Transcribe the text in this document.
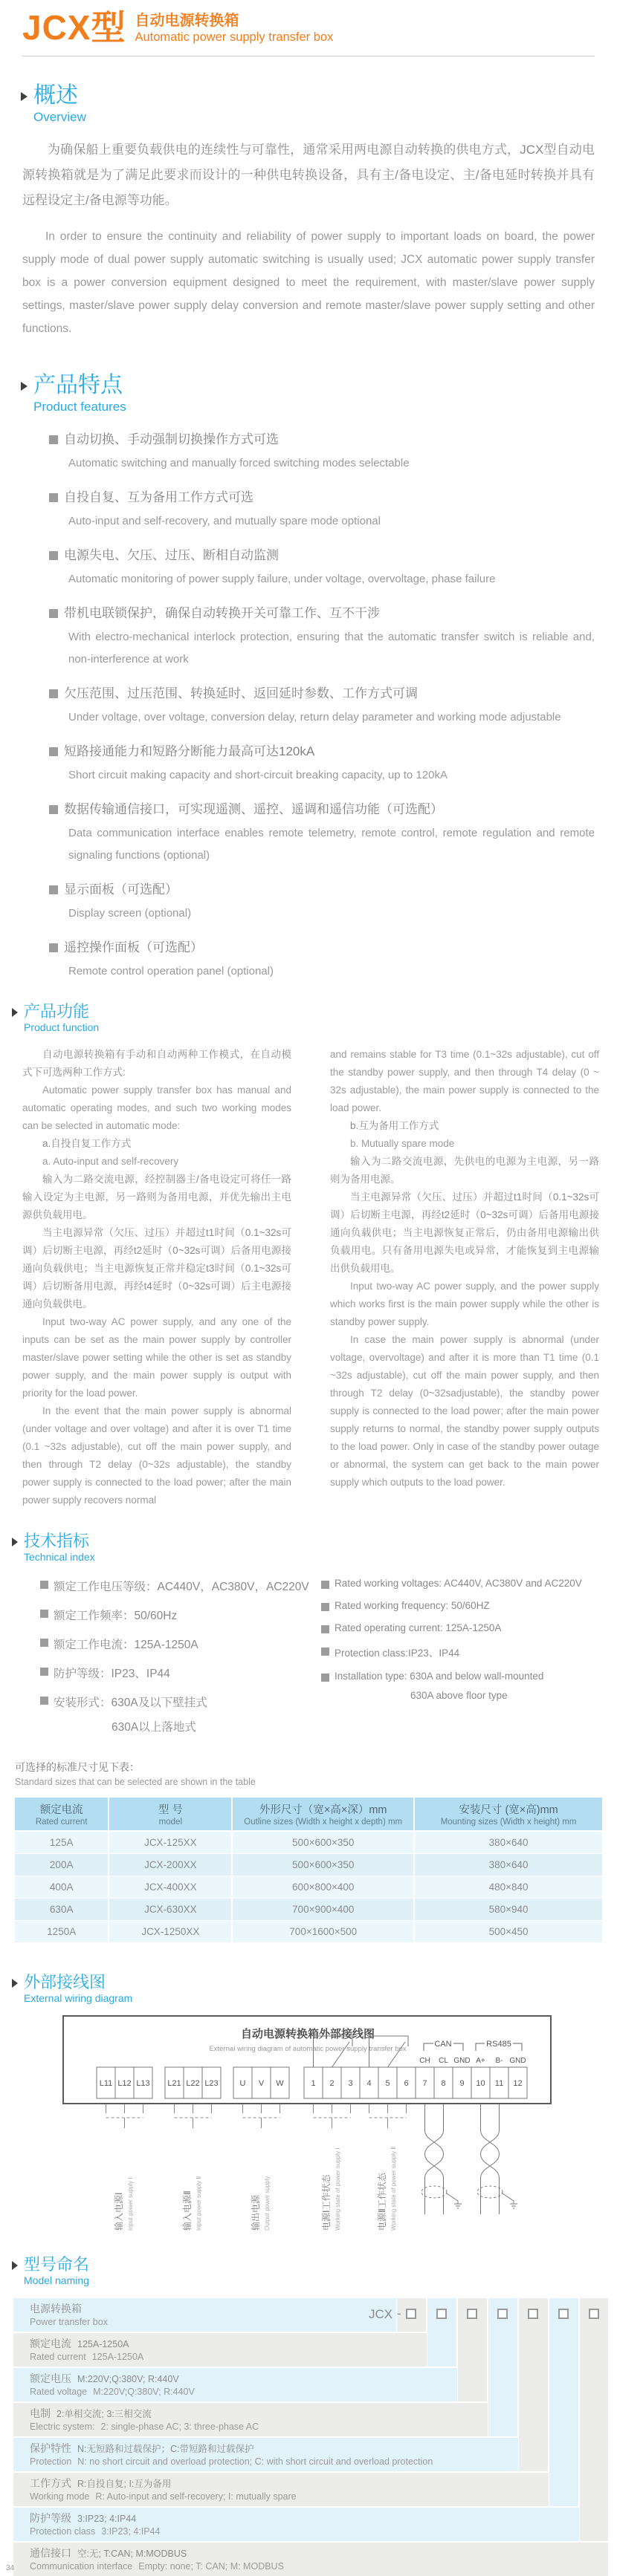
JCX型 自动电源转换箱
Automatic power supply transfer box
概述
Overview

为确保船上重要负载供电的连续性与可靠性，通常采用两电源自动转换的供电方式，JCX型自动电源转换箱就是为了满足此要求而设计的一种供电转换设备，具有主/备电设定、主/备电延时转换并具有远程设定主/备电源等功能。

In order to ensure the continuity and reliability of power supply to important loads on board, the power supply mode of dual power supply automatic switching is usually used; JCX automatic power supply transfer box is a power conversion equipment designed to meet the requirement, with master/slave power supply settings, master/slave power supply delay conversion and remote master/slave power supply setting and other functions.

产品特点
Product features
自动切换、手动强制切换操作方式可选
Automatic switching and manually forced switching modes selectable
自投自复、互为备用工作方式可选
Auto-input and self-recovery, and mutually spare mode optional
电源失电、欠压、过压、断相自动监测
Automatic monitoring of power supply failure, under voltage, overvoltage, phase failure
带机电联锁保护，确保自动转换开关可靠工作、互不干涉
With electro-mechanical interlock protection, ensuring that the automatic transfer switch is reliable and, non-interference at work
欠压范围、过压范围、转换延时、返回延时参数、工作方式可调
Under voltage, over voltage, conversion delay, return delay parameter and working mode adjustable
短路接通能力和短路分断能力最高可达120kA
Short circuit making capacity and short-circuit breaking capacity, up to 120kA
数据传输通信接口，可实现遥测、遥控、遥调和遥信功能（可选配）
Data communication interface enables remote telemetry, remote control, remote regulation and remote signaling functions (optional)
显示面板（可选配）
Display screen (optional)
遥控操作面板（可选配）
Remote control operation panel (optional)
产品功能
Product function

自动电源转换箱有手动和自动两种工作模式，在自动模式下可选两种工作方式:

Automatic power supply transfer box has manual and automatic operating modes, and such two working modes can be selected in automatic mode:

a.自投自复工作方式

a. Auto-input and self-recovery

输入为二路交流电源，经控制器主/备电设定可将任一路输入设定为主电源，另一路则为备用电源，并优先输出主电源供负载用电。

当主电源异常（欠压、过压）并超过t1时间（0.1~32s可调）后切断主电源，再经t2延时（0~32s可调）后备用电源接通向负载供电；当主电源恢复正常并稳定t3时间（0.1~32s可调）后切断备用电源，再经t4延时（0~32s可调）后主电源接通向负载供电。

Input two-way AC power supply, and any one of the inputs can be set as the main power supply by controller master/slave power setting while the other is set as standby power supply, and the main power supply is output with priority for the load power.

In the event that the main power supply is abnormal (under voltage and over voltage) and after it is over T1 time (0.1 ~32s adjustable), cut off the main power supply, and then through T2 delay (0~32s adjustable), the standby power supply is connected to the load power; after the main power supply recovers normal

and remains stable for T3 time (0.1~32s adjustable), cut off the standby power supply, and then through T4 delay (0 ~ 32s adjustable), the main power supply is connected to the load power.

b.互为备用工作方式

b. Mutually spare mode

输入为二路交流电源，先供电的电源为主电源，另一路则为备用电源。

当主电源异常（欠压、过压）并超过t1时间（0.1~32s可调）后切断主电源，再经t2延时（0~32s可调）后备用电源接通向负载供电；当主电源恢复正常后，仍由备用电源输出供负载用电。只有备用电源失电或异常，才能恢复到主电源输出供负载用电。

Input two-way AC power supply, and the power supply which works first is the main power supply while the other is standby power supply.

In case the main power supply is abnormal (under voltage, overvoltage) and after it is more than T1 time (0.1 ~32s adjustable), cut off the main power supply, and then through T2 delay (0~32sadjustable), the standby power supply is connected to the load power; after the main power supply returns to normal, the standby power supply outputs to the load power. Only in case of the standby power outage or abnormal, the system can get back to the main power supply which outputs to the load power.

技术指标
Technical index
额定工作电压等级：AC440V，AC380V，AC220V
额定工作频率：50/60Hz
额定工作电流：125A-1250A
防护等级：IP23、IP44
安装形式：630A及以下壁挂式
630A以上落地式
Rated working voltages: AC440V, AC380V and AC220V
Rated working frequency: 50/60HZ
Rated operating current: 125A-1250A
Protection class:IP23、IP44
Installation type: 630A and below wall-mounted
630A above floor type
可选择的标准尺寸见下表：
Standard sizes that can be selected are shown in the table
额定电流
Rated current

型 号
model

外形尺寸（宽×高×深）mm
Outline sizes (Width x height x depth) mm

安装尺寸 (宽×高)mm
Mounting sizes (Width x height) mm

125A	JCX-125XX	500×600×350	380×640
200A	JCX-200XX	500×600×350	380×640
400A	JCX-400XX	600×800×400	480×840
630A	JCX-630XX	700×900×400	580×940
1250A	JCX-1250XX	700×1600×500	500×450
外部接线图
External wiring diagram
自动电源转换箱外部接线图
External wiring diagram of automatic power supply transfer box
CAN	RS485
CH CL GND A+ B- GND
L11 L12 L13 L21 L22 L23	U V W	1 2 3 4 5 6 7 8 9 10 11 12
输入电源Ⅰ Input power supply Ⅰ	输入电源Ⅱ Input power supply Ⅱ	输出电源 Output power supply	电源Ⅰ工作状态 Working state of power supply Ⅰ	电源Ⅱ工作状态 Working state of power supply Ⅱ
型号命名
Model naming
电源转换箱
Power transfer box
额定电流 125A-1250A
Rated current 125A-1250A
额定电压 M:220V;Q:380V; R:440V
Rated voltage M:220V;Q:380V; R:440V
电制 2:单相交流; 3:三相交流
Electric system: 2: single-phase AC; 3: three-phase AC
保护特性 N:无短路和过载保护；C:带短路和过载保护
Protection N: no short circuit and overload protection; C: with short circuit and overload protection
工作方式 R:自投自复; I:互为备用
Working mode R: Auto-input and self-recovery; I: mutually spare
防护等级 3:IP23; 4:IP44
Protection class 3:IP23; 4:IP44
通信接口 空:无; T:CAN; M:MODBUS
Communication interface Empty: none; T: CAN; M: MODBUS
JCX -
34
